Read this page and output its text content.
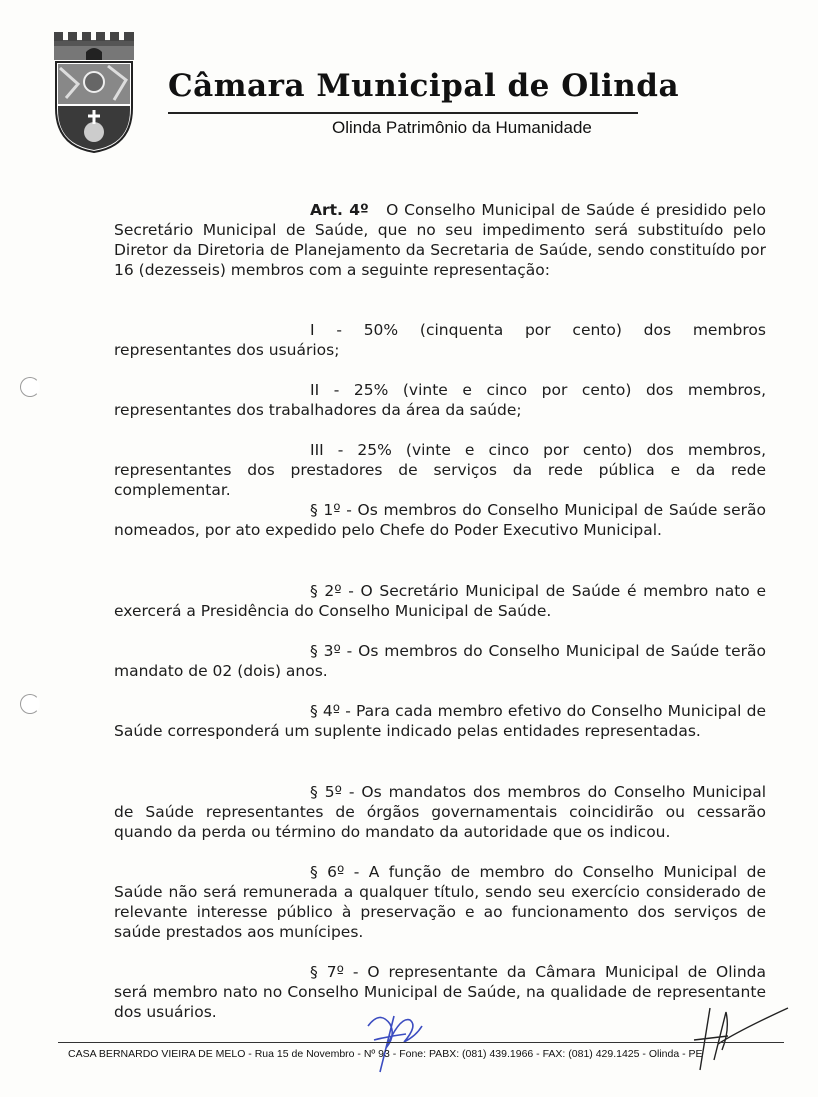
Câmara Municipal de Olinda
Olinda Patrimônio da Humanidade
Art. 4º O Conselho Municipal de Saúde é presidido pelo Secretário Municipal de Saúde, que no seu impedimento será substituído pelo Diretor da Diretoria de Planejamento da Secretaria de Saúde, sendo constituído por 16 (dezesseis) membros com a seguinte representação:
I - 50% (cinquenta por cento) dos membros representantes dos usuários;
II - 25% (vinte e cinco por cento) dos membros, representantes dos trabalhadores da área da saúde;
III - 25% (vinte e cinco por cento) dos membros, representantes dos prestadores de serviços da rede pública e da rede complementar.
§ 1º - Os membros do Conselho Municipal de Saúde serão nomeados, por ato expedido pelo Chefe do Poder Executivo Municipal.
§ 2º - O Secretário Municipal de Saúde é membro nato e exercerá a Presidência do Conselho Municipal de Saúde.
§ 3º - Os membros do Conselho Municipal de Saúde terão mandato de 02 (dois) anos.
§ 4º - Para cada membro efetivo do Conselho Municipal de Saúde corresponderá um suplente indicado pelas entidades representadas.
§ 5º - Os mandatos dos membros do Conselho Municipal de Saúde representantes de órgãos governamentais coincidirão ou cessarão quando da perda ou término do mandato da autoridade que os indicou.
§ 6º - A função de membro do Conselho Municipal de Saúde não será remunerada a qualquer título, sendo seu exercício considerado de relevante interesse público à preservação e ao funcionamento dos serviços de saúde prestados aos munícipes.
§ 7º - O representante da Câmara Municipal de Olinda será membro nato no Conselho Municipal de Saúde, na qualidade de representante dos usuários.
CASA BERNARDO VIEIRA DE MELO - Rua 15 de Novembro - Nº 93 - Fone: PABX: (081) 439.1966 - FAX: (081) 429.1425 - Olinda - PE
